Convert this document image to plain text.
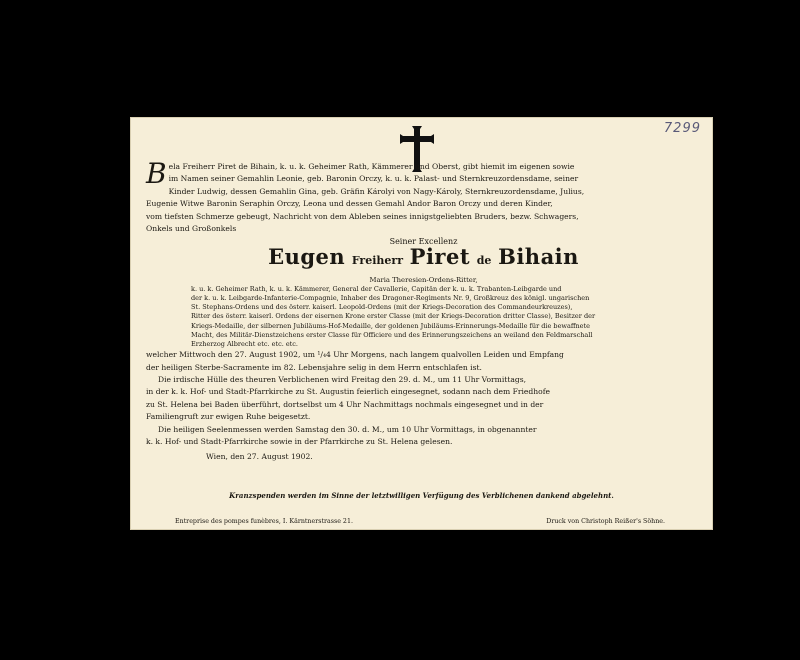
7299
B ela Freiherr Piret de Bihain, k. u. k. Geheimer Rath, Kämmerer und Oberst, gibt hiemit im eigenen sowie
im Namen seiner Gemahlin Leonie, geb. Baronin Orczy, k. u. k. Palast- und Sternkreuzordensdame, seiner
Kinder Ludwig, dessen Gemahlin Gina, geb. Gräfin Károlyi von Nagy-Károly, Sternkreuzordensdame, Julius,
Eugenie Witwe Baronin Seraphin Orczy, Leona und dessen Gemahl Andor Baron Orczy und deren Kinder,
vom tiefsten Schmerze gebeugt, Nachricht von dem Ableben seines innigstgeliebten Bruders, bezw. Schwagers,
Onkels und Großonkels
Seiner Excellenz
Eugen Freiherr Piret de Bihain
Maria Theresien-Ordens-Ritter,
k. u. k. Geheimer Rath, k. u. k. Kämmerer, General der Cavallerie, Capitän der k. u. k. Trabanten-Leibgarde und
der k. u. k. Leibgarde-Infanterie-Compagnie, Inhaber des Dragoner-Regiments Nr. 9, Großkreuz des königl. ungarischen
St. Stephans-Ordens und des österr. kaiserl. Leopold-Ordens (mit der Kriegs-Decoration des Commandeurkreuzes),
Ritter des österr. kaiserl. Ordens der eisernen Krone erster Classe (mit der Kriegs-Decoration dritter Classe), Besitzer der
Kriegs-Medaille, der silbernen Jubiläums-Hof-Medaille, der goldenen Jubiläums-Erinnerungs-Medaille für die bewaffnete
Macht, des Militär-Dienstzeichens erster Classe für Officiere und des Erinnerungszeichens an weiland den Feldmarschall
Erzherzog Albrecht etc. etc. etc.
welcher Mittwoch den 27. August 1902, um ¹/₄4 Uhr Morgens, nach langem qualvollen Leiden und Empfang
der heiligen Sterbe-Sacramente im 82. Lebensjahre selig in dem Herrn entschlafen ist.
Die irdische Hülle des theuren Verblichenen wird Freitag den 29. d. M., um 11 Uhr Vormittags,
in der k. k. Hof- und Stadt-Pfarrkirche zu St. Augustin feierlich eingesegnet, sodann nach dem Friedhofe
zu St. Helena bei Baden überführt, dortselbst um 4 Uhr Nachmittags nochmals eingesegnet und in der
Familiengruft zur ewigen Ruhe beigesetzt.
Die heiligen Seelenmessen werden Samstag den 30. d. M., um 10 Uhr Vormittags, in obgenannter
k. k. Hof- und Stadt-Pfarrkirche sowie in der Pfarrkirche zu St. Helena gelesen.
Wien, den 27. August 1902.
Kranzspenden werden im Sinne der letztwilligen Verfügung des Verblichenen dankend abgelehnt.
Entreprise des pompes funèbres, I. Kärntnerstrasse 21.	Druck von Christoph Reißer's Söhne.
